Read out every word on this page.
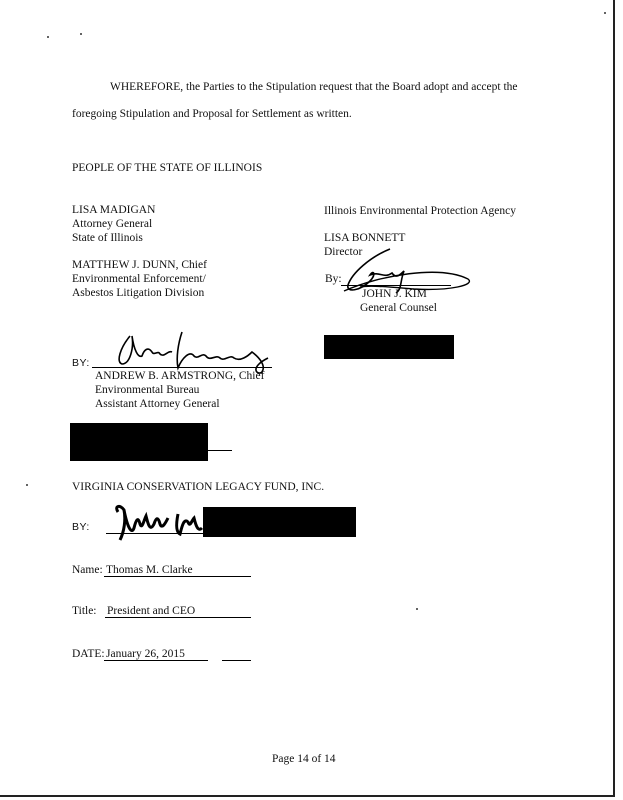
WHEREFORE, the Parties to the Stipulation request that the Board adopt and accept the
foregoing Stipulation and Proposal for Settlement as written.
PEOPLE OF THE STATE OF ILLINOIS
LISA MADIGAN
Attorney General
State of Illinois
MATTHEW J. DUNN, Chief
Environmental Enforcement/
Asbestos Litigation Division
Illinois Environmental Protection Agency
LISA BONNETT
Director
By:
JOHN J. KIM
General Counsel
BY:
ANDREW B. ARMSTRONG, Chief
Environmental Bureau
Assistant Attorney General
VIRGINIA CONSERVATION LEGACY FUND, INC.
BY:
Name: Thomas M. Clarke
Title: President and CEO
DATE: January 26, 2015
Page 14 of 14
